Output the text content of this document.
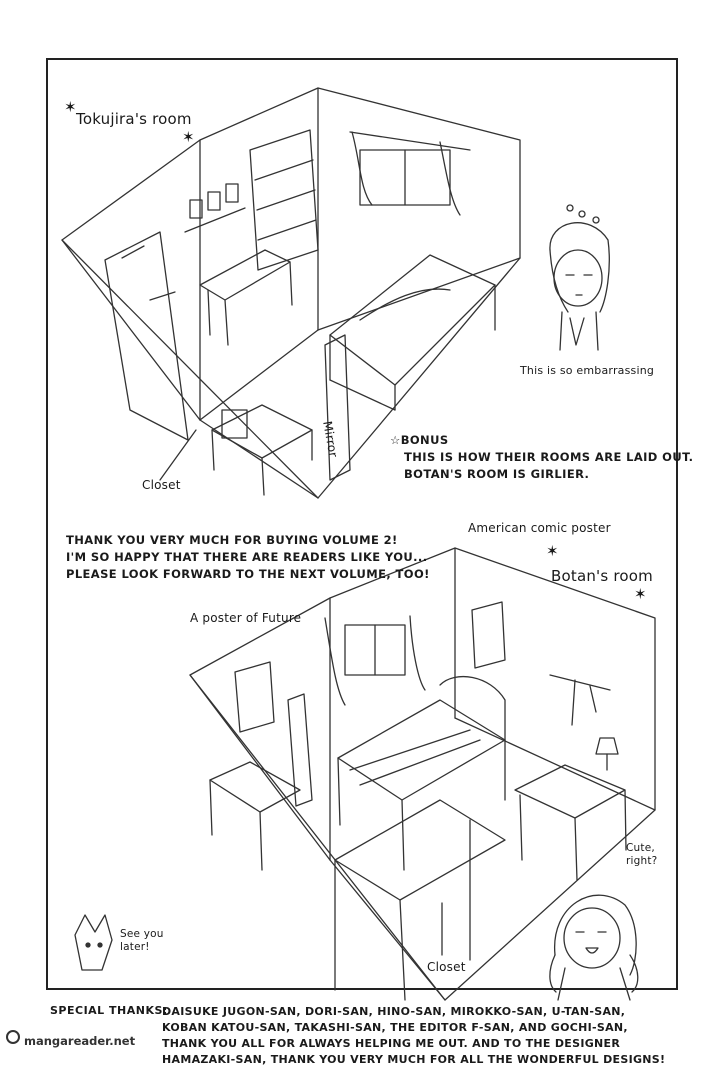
✶
✶
✶
✶
Tokujira's room
Closet
Mirror
This is so embarrassing
☆BONUS
THIS IS HOW THEIR ROOMS ARE LAID OUT.
BOTAN'S ROOM IS GIRLIER.
THANK YOU VERY MUCH FOR BUYING VOLUME 2!
I'M SO HAPPY THAT THERE ARE READERS LIKE YOU...
PLEASE LOOK FORWARD TO THE NEXT VOLUME, TOO!
American comic poster
Botan's room
A poster of Future
Closet
Cute,
right?
See you
later!
SPECIAL THANKS:
DAISUKE JUGON-SAN, DORI-SAN, HINO-SAN, MIROKKO-SAN, U-TAN-SAN,
KOBAN KATOU-SAN, TAKASHI-SAN, THE EDITOR F-SAN, AND GOCHI-SAN,
THANK YOU ALL FOR ALWAYS HELPING ME OUT. AND TO THE DESIGNER
HAMAZAKI-SAN, THANK YOU VERY MUCH FOR ALL THE WONDERFUL DESIGNS!
mangareader.net
